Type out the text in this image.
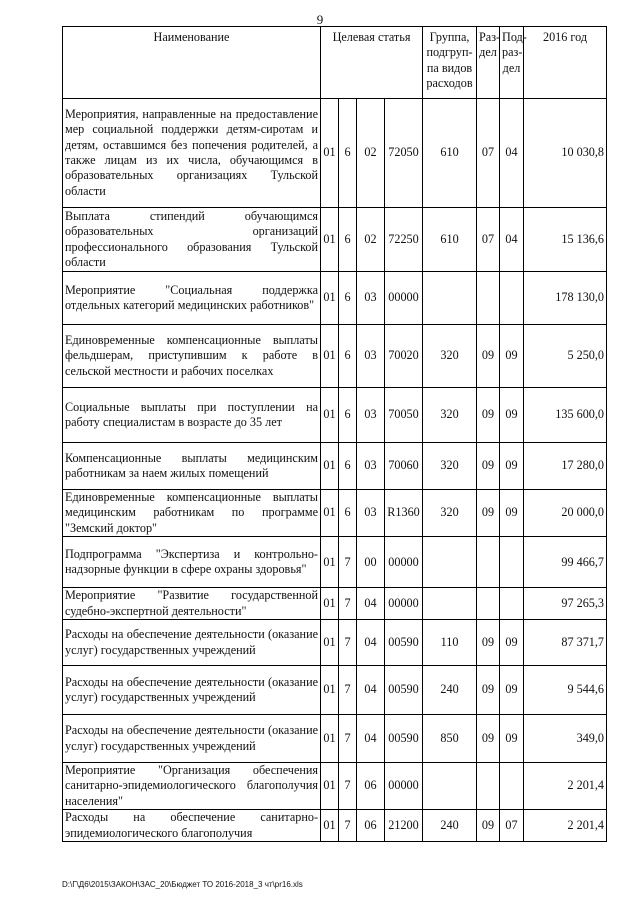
9
Наименование	Целевая статья				Группа, подгруп-па видов расходов	Раз-дел	Под-раз-дел	2016 год
Мероприятия, направленные на предоставление мер социальной поддержки детям-сиротам и детям, оставшимся без попечения родителей, а также лицам из их числа, обучающимся в образовательных организациях Тульской области	01	6	02	72050	610	07	04	10 030,8
Выплата стипендий обучающимся образовательных организаций профессионального образования Тульской области	01	6	02	72250	610	07	04	15 136,6
Мероприятие "Социальная поддержка отдельных категорий медицинских работников"	01	6	03	00000				178 130,0
Единовременные компенсационные выплаты фельдшерам, приступившим к работе в сельской местности и рабочих поселках	01	6	03	70020	320	09	09	5 250,0
Социальные выплаты при поступлении на работу специалистам в возрасте до 35 лет	01	6	03	70050	320	09	09	135 600,0
Компенсационные выплаты медицинским работникам за наем жилых помещений	01	6	03	70060	320	09	09	17 280,0
Единовременные компенсационные выплаты медицинским работникам по программе "Земский доктор"	01	6	03	R1360	320	09	09	20 000,0
Подпрограмма "Экспертиза и контрольно-надзорные функции в сфере охраны здоровья"	01	7	00	00000				99 466,7
Мероприятие "Развитие государственной судебно-экспертной деятельности"	01	7	04	00000				97 265,3
Расходы на обеспечение деятельности (оказание услуг) государственных учреждений	01	7	04	00590	110	09	09	87 371,7
Расходы на обеспечение деятельности (оказание услуг) государственных учреждений	01	7	04	00590	240	09	09	9 544,6
Расходы на обеспечение деятельности (оказание услуг) государственных учреждений	01	7	04	00590	850	09	09	349,0
Мероприятие "Организация обеспечения санитарно-эпидемиологического благополучия населения"	01	7	06	00000				2 201,4
Расходы на обеспечение санитарно-эпидемиологического благополучия	01	7	06	21200	240	09	07	2 201,4
D:\Г\Д6\2015\ЗАКОН\ЗАС_20\Бюджет ТО 2016-2018_3 чт\pr16.xls
